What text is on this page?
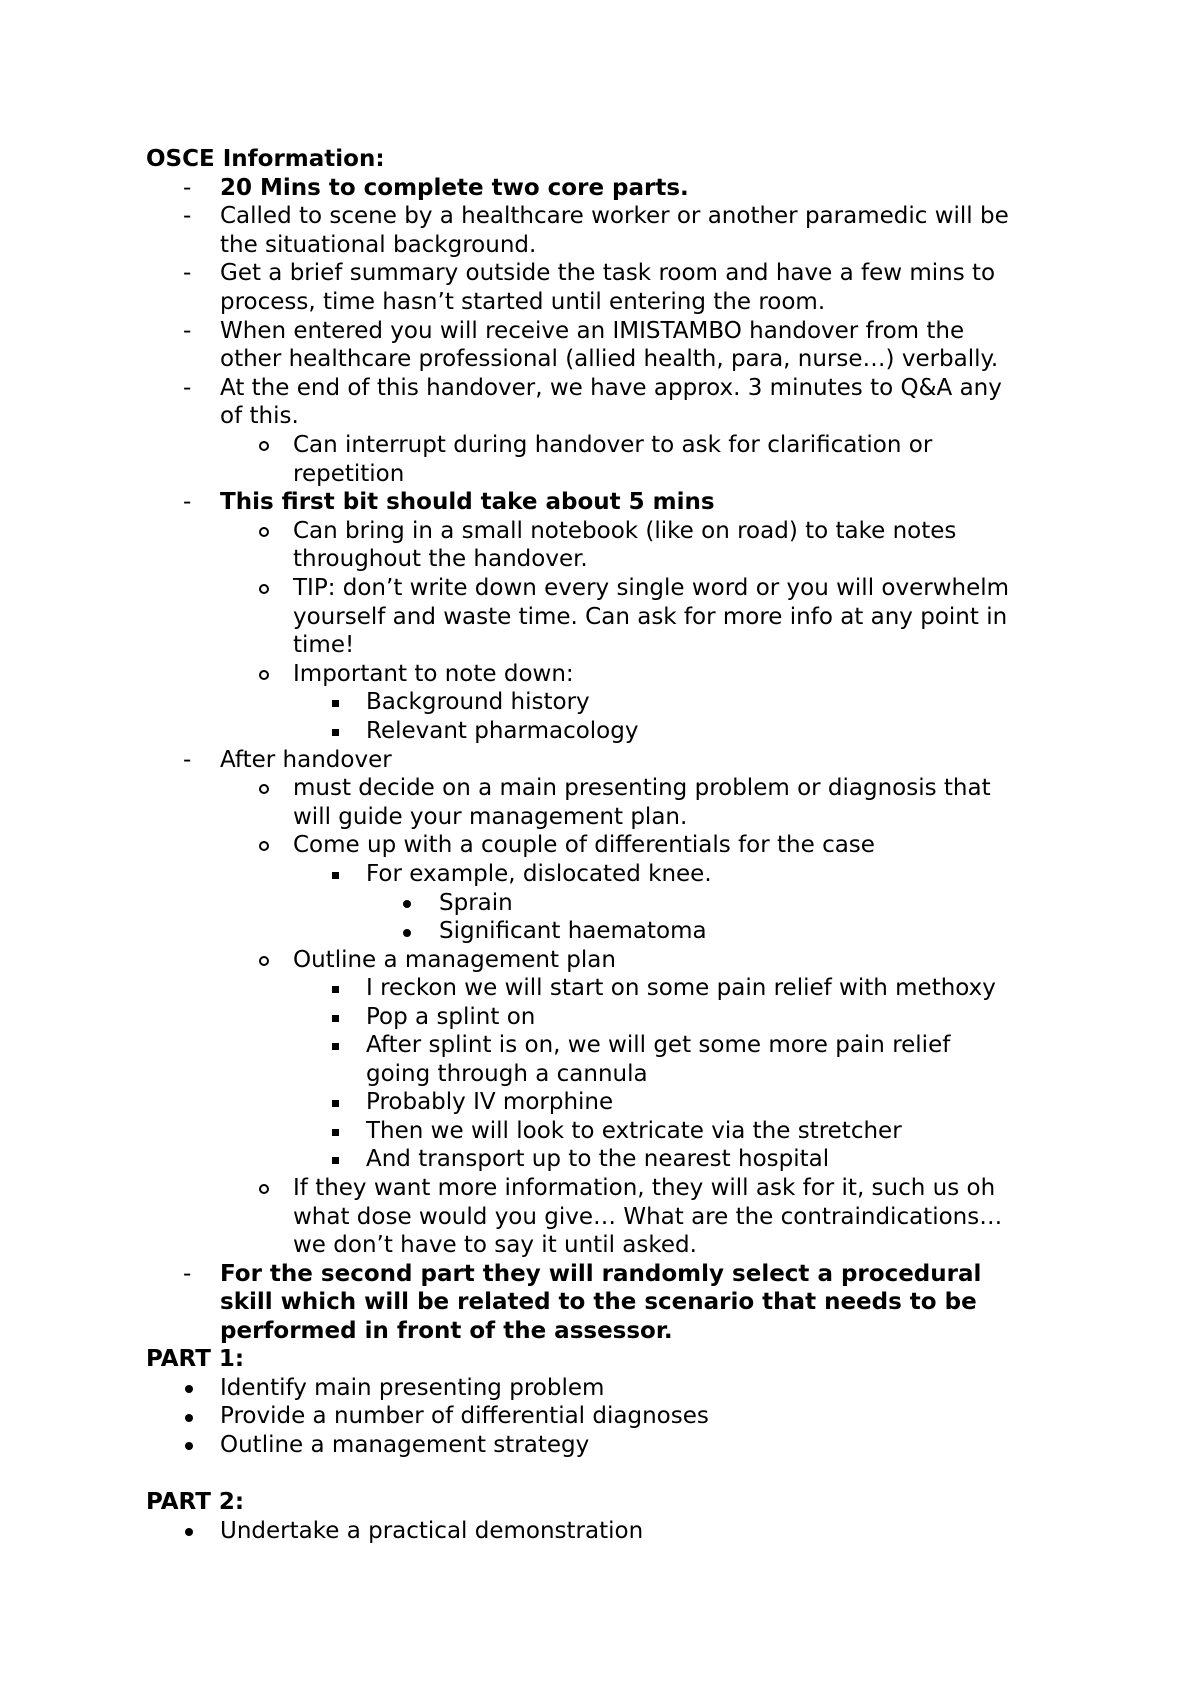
OSCE Information:
- 20 Mins to complete two core parts.
- Called to scene by a healthcare worker or another paramedic will be
the situational background.
- Get a brief summary outside the task room and have a few mins to
process, time hasn’t started until entering the room.
- When entered you will receive an IMISTAMBO handover from the
other healthcare professional (allied health, para, nurse…) verbally.
- At the end of this handover, we have approx. 3 minutes to Q&A any
of this.
Can interrupt during handover to ask for clarification or
repetition
- This first bit should take about 5 mins
Can bring in a small notebook (like on road) to take notes
throughout the handover.
TIP: don’t write down every single word or you will overwhelm
yourself and waste time. Can ask for more info at any point in
time!
Important to note down:
Background history
Relevant pharmacology
- After handover
must decide on a main presenting problem or diagnosis that
will guide your management plan.
Come up with a couple of differentials for the case
For example, dislocated knee.
Sprain
Significant haematoma
Outline a management plan
I reckon we will start on some pain relief with methoxy
Pop a splint on
After splint is on, we will get some more pain relief
going through a cannula
Probably IV morphine
Then we will look to extricate via the stretcher
And transport up to the nearest hospital
If they want more information, they will ask for it, such us oh
what dose would you give… What are the contraindications…
we don’t have to say it until asked.
- For the second part they will randomly select a procedural
skill which will be related to the scenario that needs to be
performed in front of the assessor.
PART 1:
Identify main presenting problem
Provide a number of differential diagnoses
Outline a management strategy
PART 2:
Undertake a practical demonstration
